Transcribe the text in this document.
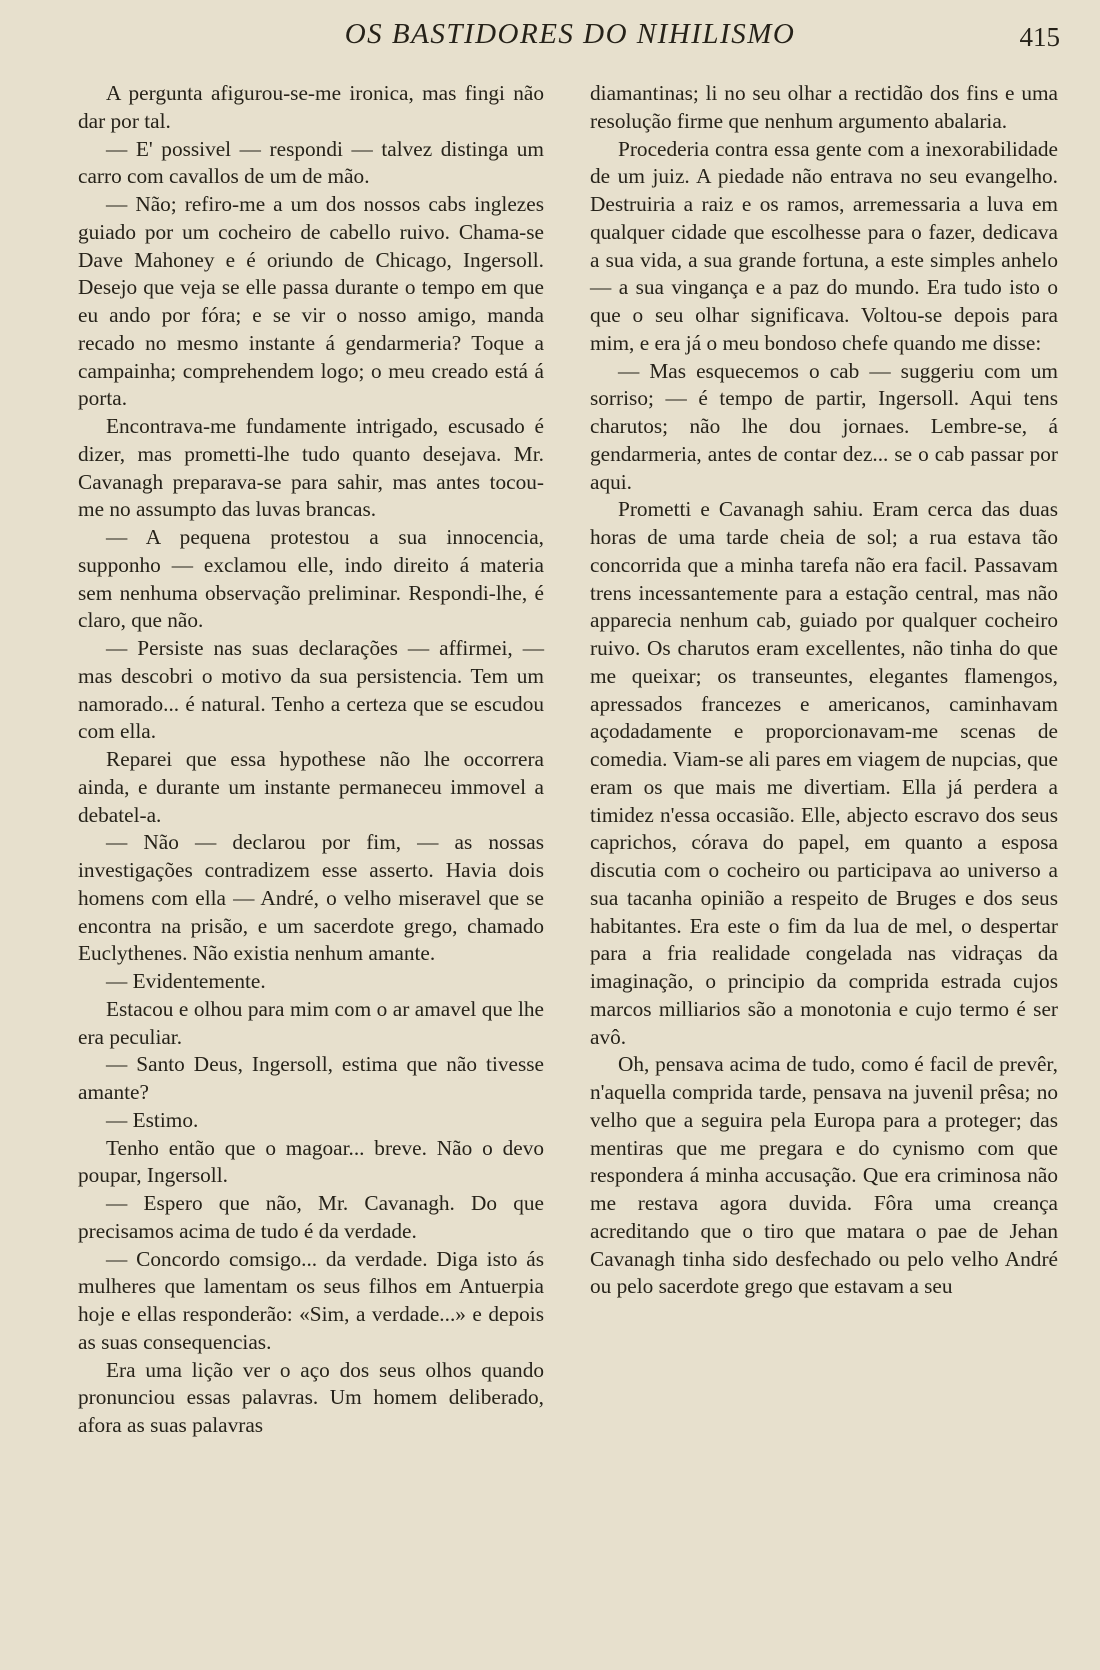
OS BASTIDORES DO NIHILISMO	415

A pergunta afigurou-se-me ironica, mas fingi não dar por tal.

— E' possivel — respondi — talvez distinga um carro com cavallos de um de mão.

— Não; refiro-me a um dos nossos cabs inglezes guiado por um cocheiro de cabello ruivo. Chama-se Dave Mahoney e é oriundo de Chicago, Ingersoll. Desejo que veja se elle passa durante o tempo em que eu ando por fóra; e se vir o nosso amigo, manda recado no mesmo instante á gendarmeria? Toque a campainha; comprehendem logo; o meu creado está á porta.

Encontrava-me fundamente intrigado, escusado é dizer, mas prometti-lhe tudo quanto desejava. Mr. Cavanagh preparava-se para sahir, mas antes tocou-me no assumpto das luvas brancas.

— A pequena protestou a sua innocencia, supponho — exclamou elle, indo direito á materia sem nenhuma observação preliminar. Respondi-lhe, é claro, que não.

— Persiste nas suas declarações — affirmei, — mas descobri o motivo da sua persistencia. Tem um namorado... é natural. Tenho a certeza que se escudou com ella.

Reparei que essa hypothese não lhe occorrera ainda, e durante um instante permaneceu immovel a debatel-a.

— Não — declarou por fim, — as nossas investigações contradizem esse asserto. Havia dois homens com ella — André, o velho miseravel que se encontra na prisão, e um sacerdote grego, chamado Euclythenes. Não existia nenhum amante.

— Evidentemente.

Estacou e olhou para mim com o ar amavel que lhe era peculiar.

— Santo Deus, Ingersoll, estima que não tivesse amante?

— Estimo.

Tenho então que o magoar... breve. Não o devo poupar, Ingersoll.

— Espero que não, Mr. Cavanagh. Do que precisamos acima de tudo é da verdade.

— Concordo comsigo... da verdade. Diga isto ás mulheres que lamentam os seus filhos em Antuerpia hoje e ellas responderão: «Sim, a verdade...» e depois as suas consequencias.

Era uma lição ver o aço dos seus olhos quando pronunciou essas palavras. Um homem deliberado, afora as suas palavras

diamantinas; li no seu olhar a rectidão dos fins e uma resolução firme que nenhum argumento abalaria.

Procederia contra essa gente com a inexorabilidade de um juiz. A piedade não entrava no seu evangelho. Destruiria a raiz e os ramos, arremessaria a luva em qualquer cidade que escolhesse para o fazer, dedicava a sua vida, a sua grande fortuna, a este simples anhelo — a sua vingança e a paz do mundo. Era tudo isto o que o seu olhar significava. Voltou-se depois para mim, e era já o meu bondoso chefe quando me disse:

— Mas esquecemos o cab — suggeriu com um sorriso; — é tempo de partir, Ingersoll. Aqui tens charutos; não lhe dou jornaes. Lembre-se, á gendarmeria, antes de contar dez... se o cab passar por aqui.

Prometti e Cavanagh sahiu. Eram cerca das duas horas de uma tarde cheia de sol; a rua estava tão concorrida que a minha tarefa não era facil. Passavam trens incessantemente para a estação central, mas não apparecia nenhum cab, guiado por qualquer cocheiro ruivo. Os charutos eram excellentes, não tinha do que me queixar; os transeuntes, elegantes flamengos, apressados francezes e americanos, caminhavam açodadamente e proporcionavam-me scenas de comedia. Viam-se ali pares em viagem de nupcias, que eram os que mais me divertiam. Ella já perdera a timidez n'essa occasião. Elle, abjecto escravo dos seus caprichos, córava do papel, em quanto a esposa discutia com o cocheiro ou participava ao universo a sua tacanha opinião a respeito de Bruges e dos seus habitantes. Era este o fim da lua de mel, o despertar para a fria realidade congelada nas vidraças da imaginação, o principio da comprida estrada cujos marcos milliarios são a monotonia e cujo termo é ser avô.

Oh, pensava acima de tudo, como é facil de prevêr, n'aquella comprida tarde, pensava na juvenil prêsa; no velho que a seguira pela Europa para a proteger; das mentiras que me pregara e do cynismo com que respondera á minha accusação. Que era criminosa não me restava agora duvida. Fôra uma creança acreditando que o tiro que matara o pae de Jehan Cavanagh tinha sido desfechado ou pelo velho André ou pelo sacerdote grego que estavam a seu
